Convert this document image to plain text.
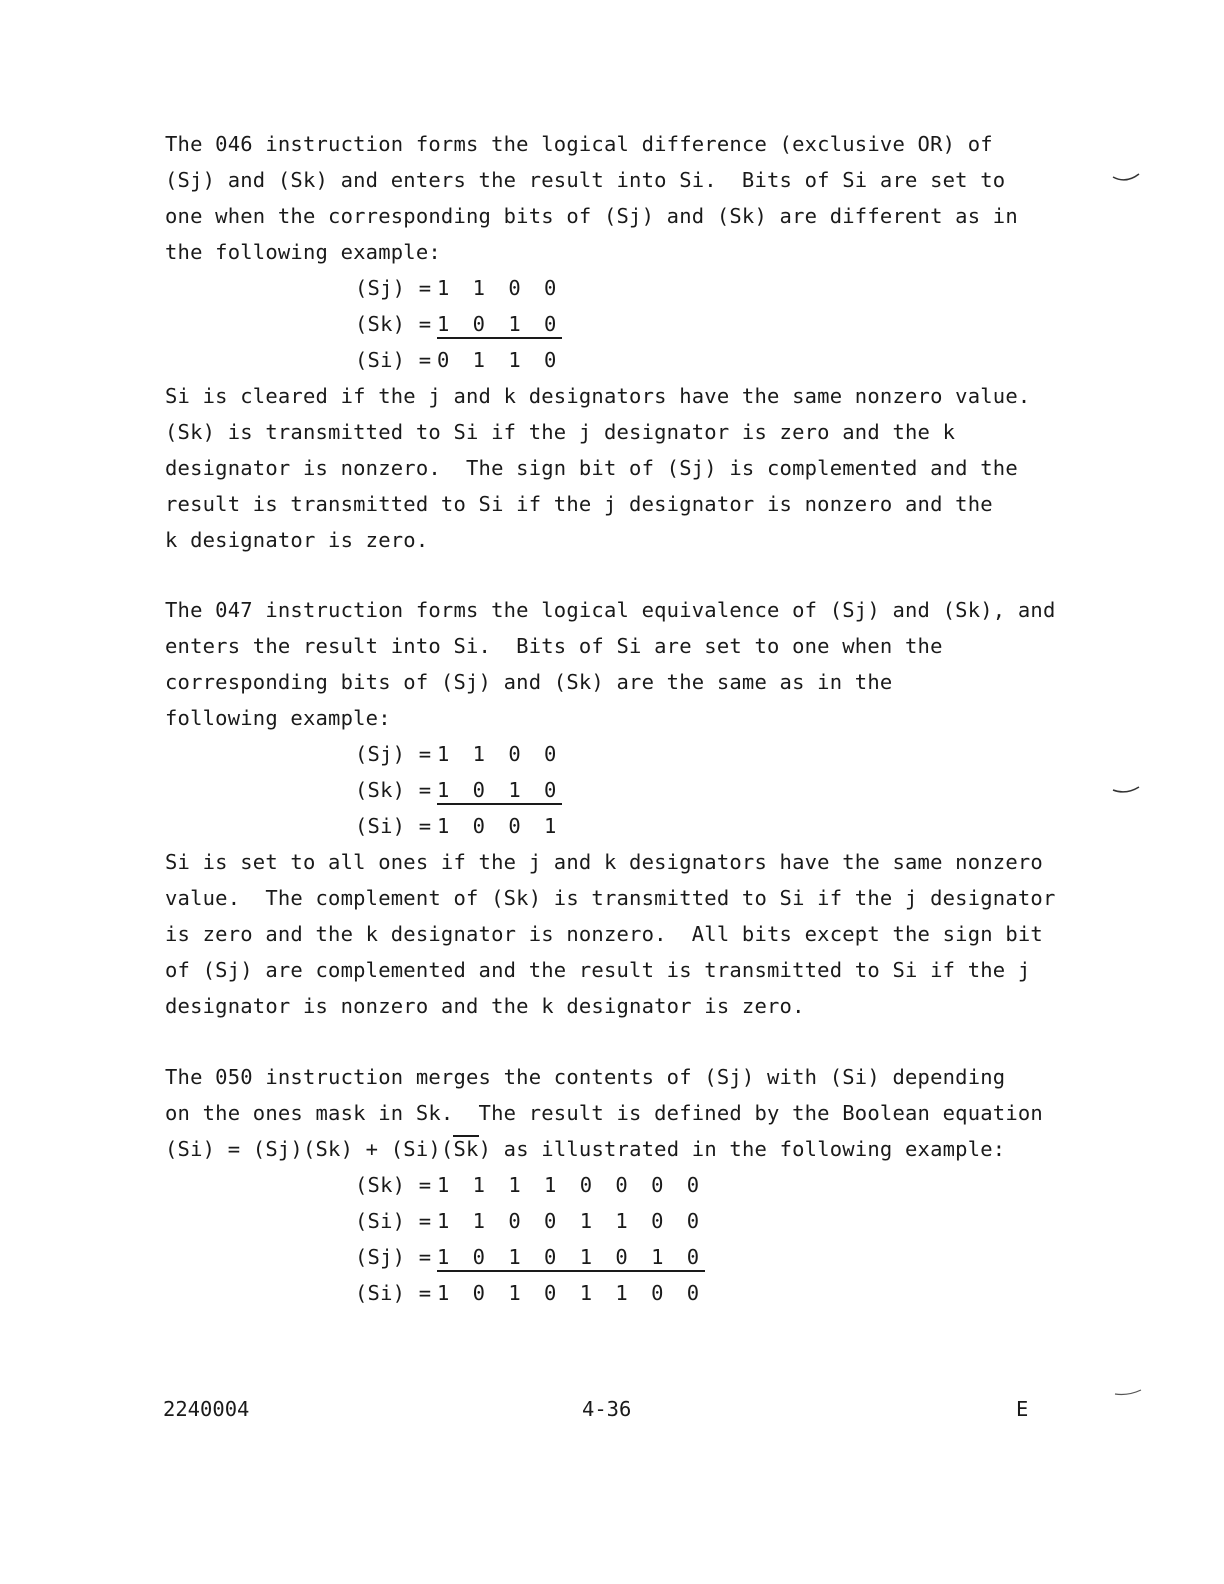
The 046 instruction forms the logical difference (exclusive OR) of
(Sj) and (Sk) and enters the result into Si.  Bits of Si are set to
one when the corresponding bits of (Sj) and (Sk) are different as in
the following example:
(Sj) = 1 1 0 0
(Sk) = 1 0 1 0
(Si) = 0 1 1 0
Si is cleared if the j and k designators have the same nonzero value.
(Sk) is transmitted to Si if the j designator is zero and the k
designator is nonzero.  The sign bit of (Sj) is complemented and the
result is transmitted to Si if the j designator is nonzero and the
k designator is zero.
The 047 instruction forms the logical equivalence of (Sj) and (Sk), and
enters the result into Si.  Bits of Si are set to one when the
corresponding bits of (Sj) and (Sk) are the same as in the
following example:
(Sj) = 1 1 0 0
(Sk) = 1 0 1 0
(Si) = 1 0 0 1
Si is set to all ones if the j and k designators have the same nonzero
value.  The complement of (Sk) is transmitted to Si if the j designator
is zero and the k designator is nonzero.  All bits except the sign bit
of (Sj) are complemented and the result is transmitted to Si if the j
designator is nonzero and the k designator is zero.
The 050 instruction merges the contents of (Sj) with (Si) depending
on the ones mask in Sk.  The result is defined by the Boolean equation
(Si) = (Sj)(Sk) + (Si)(Sk) as illustrated in the following example:
(Sk) = 1 1 1 1 0 0 0 0
(Si) = 1 1 0 0 1 1 0 0
(Sj) = 1 0 1 0 1 0 1 0
(Si) = 1 0 1 0 1 1 0 0
2240004	4-36	E
